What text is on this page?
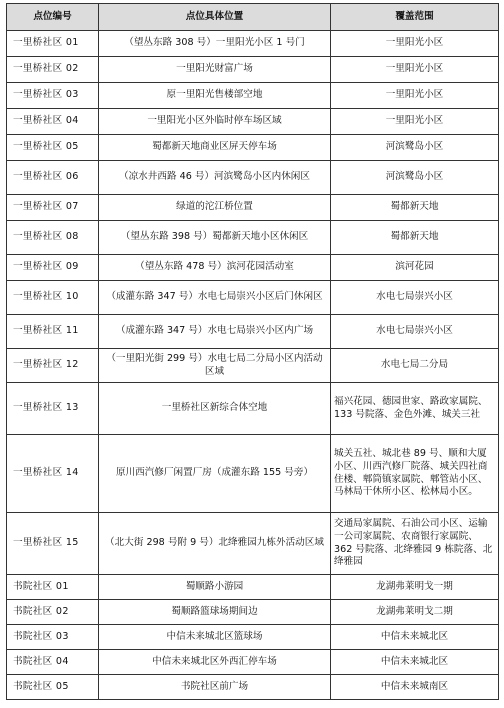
点位编号	点位具体位置	覆盖范围
一里桥社区 01	（望丛东路 308 号）一里阳光小区 1 号门	一里阳光小区
一里桥社区 02	一里阳光财富广场	一里阳光小区
一里桥社区 03	原一里阳光售楼部空地	一里阳光小区
一里桥社区 04	一里阳光小区外临时停车场区域	一里阳光小区
一里桥社区 05	蜀都新天地商业区屏天停车场	河滨鹭岛小区
一里桥社区 06	（凉水井西路 46 号）河滨鹭岛小区内休闲区	河滨鹭岛小区
一里桥社区 07	绿道的沱江桥位置	蜀都新天地
一里桥社区 08	（望丛东路 398 号）蜀都新天地小区休闲区	蜀都新天地
一里桥社区 09	（望丛东路 478 号）滨河花园活动室	滨河花园
一里桥社区 10	（成灌东路 347 号）水电七局崇兴小区后门休闲区	水电七局崇兴小区
一里桥社区 11	（成灌东路 347 号）水电七局崇兴小区内广场	水电七局崇兴小区
一里桥社区 12	（一里阳光街 299 号）水电七局二分局小区内活动区域	水电七局二分局
一里桥社区 13	一里桥社区新综合体空地	福兴花园、德园世家、路政家属院、133 号院落、金色外滩、城关三社
一里桥社区 14	原川西汽修厂闲置厂房（成灌东路 155 号旁）	城关五社、城北巷 89 号、顺和大厦小区、川西汽修厂院落、城关四社商住楼、郫筒镇家属院、郫管站小区、马林局干休所小区、松林局小区。
一里桥社区 15	（北大街 298 号附 9 号）北绛雅园九栋外活动区域	交通局家属院、石油公司小区、运输一公司家属院、农商银行家属院、362 号院落、北绛雅园 9 栋院落、北绛雅园
书院社区 01	蜀顺路小游园	龙湖弗莱明戈一期
书院社区 02	蜀顺路篮球场期间边	龙湖弗莱明戈二期
书院社区 03	中信未来城北区篮球场	中信未来城北区
书院社区 04	中信未来城北区外西汇停车场	中信未来城北区
书院社区 05	书院社区前广场	中信未来城南区
